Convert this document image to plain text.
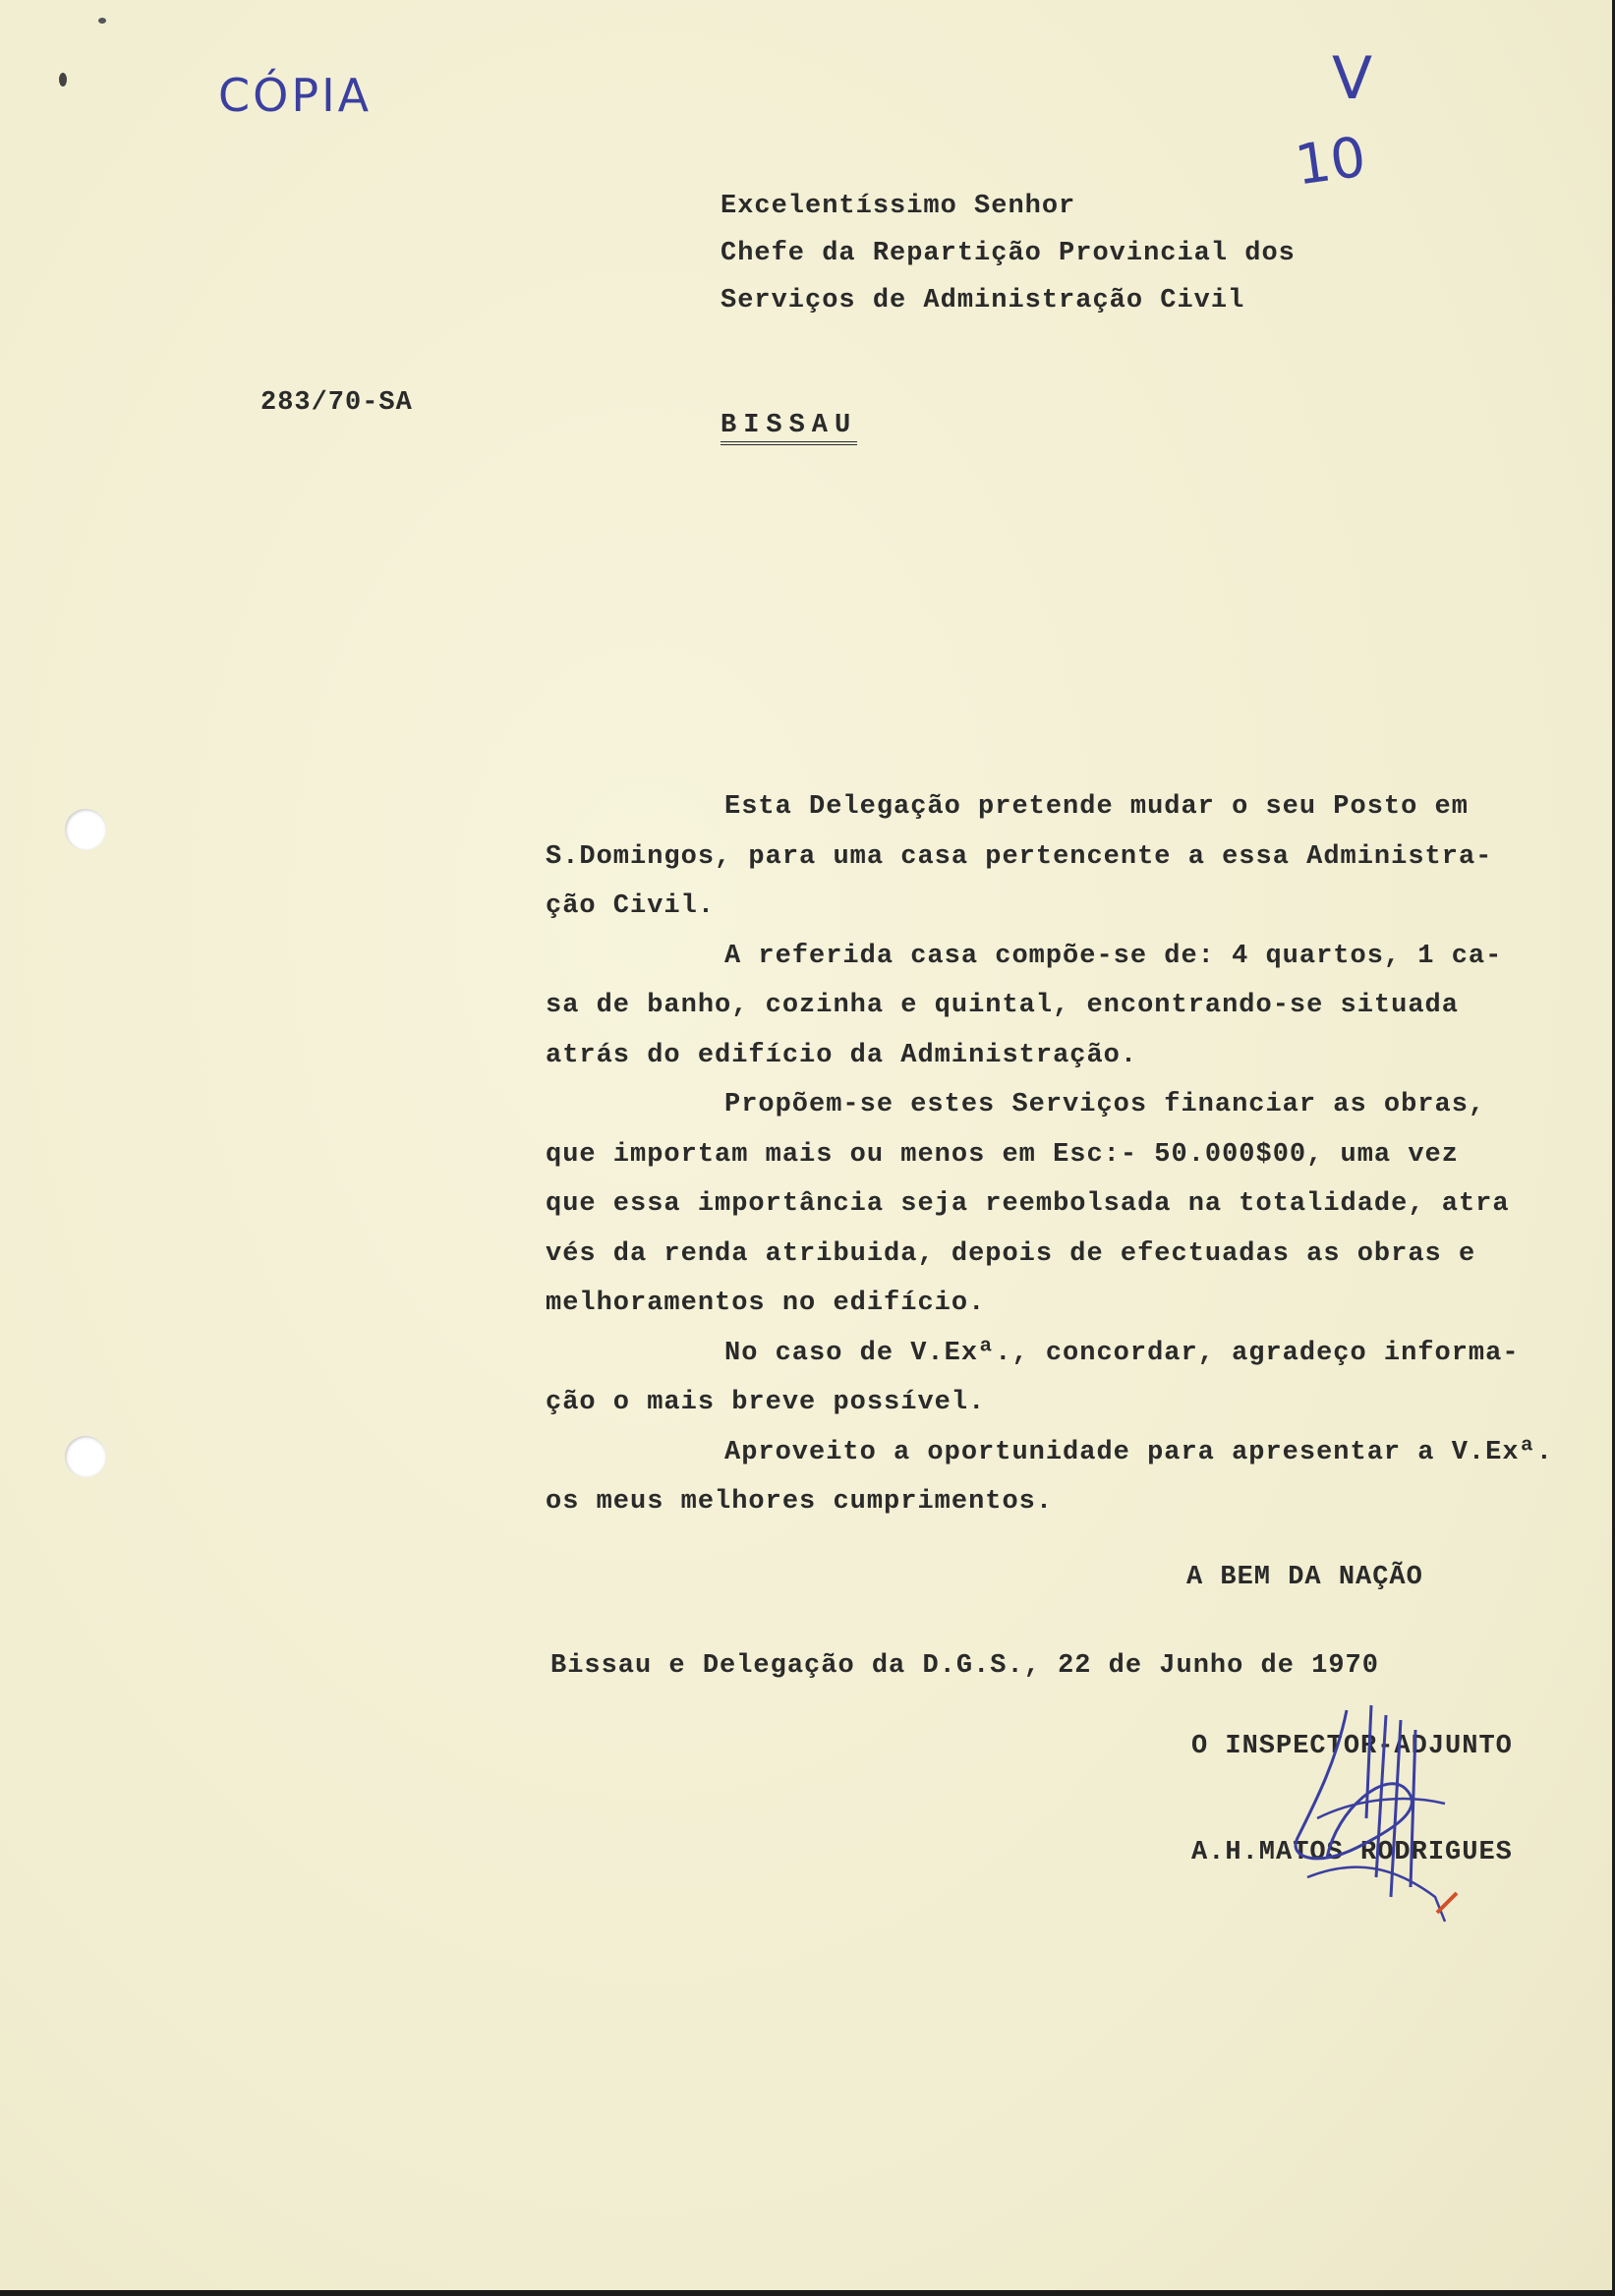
CÓPIA	V
10
Excelentíssimo Senhor
Chefe da Repartição Provincial dos
Serviços de Administração Civil
283/70-SA
BISSAU
Esta Delegação pretende mudar o seu Posto em
S.Domingos, para uma casa pertencente a essa Administra-
ção Civil.
A referida casa compõe-se de: 4 quartos, 1 ca-
sa de banho, cozinha e quintal, encontrando-se situada
atrás do edifício da Administração.
Propõem-se estes Serviços financiar as obras,
que importam mais ou menos em Esc:- 50.000$00, uma vez
que essa importância seja reembolsada na totalidade, atra
vés da renda atribuida, depois de efectuadas as obras e
melhoramentos no edifício.
No caso de V.Exª., concordar, agradeço informa-
ção o mais breve possível.
Aproveito a oportunidade para apresentar a V.Exª.
os meus melhores cumprimentos.
A BEM DA NAÇÃO
Bissau e Delegação da D.G.S., 22 de Junho de 1970
O INSPECTOR-ADJUNTO
A.H.MATOS RODRIGUES
